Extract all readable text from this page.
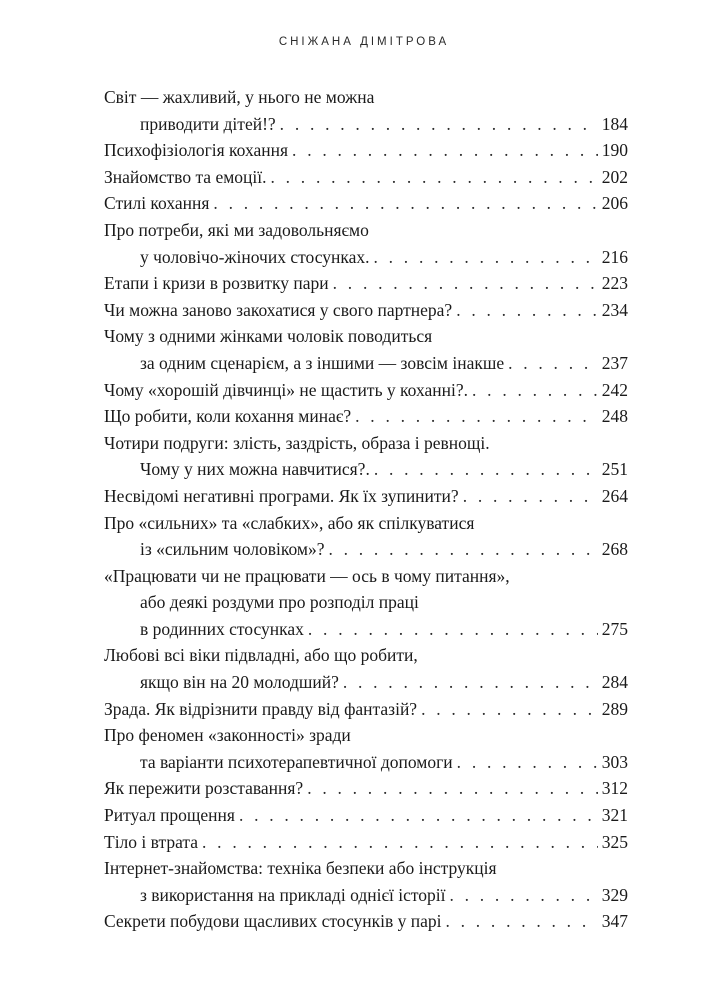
СНІЖАНА ДІМІТРОВА
Світ — жахливий, у нього не можна
приводити дітей!? . . .	184
Психофізіологія кохання . . .	190
Знайомство та емоції. . . .	202
Стилі кохання . . .	206
Про потреби, які ми задовольняємо
у чоловічо-жіночих стосунках. . . .	216
Етапи і кризи в розвитку пари . . .	223
Чи можна заново закохатися у свого партнера? . . .	234
Чому з одними жінками чоловік поводиться
за одним сценарієм, а з іншими — зовсім інакше . . .	237
Чому «хорошій дівчинці» не щастить у коханні?. . . .	242
Що робити, коли кохання минає? . . .	248
Чотири подруги: злість, заздрість, образа і ревнощі.
Чому у них можна навчитися?. . . .	251
Несвідомі негативні програми. Як їх зупинити? . . .	264
Про «сильних» та «слабких», або як спілкуватися
із «сильним чоловіком»? . . .	268
«Працювати чи не працювати — ось в чому питання»,
або деякі роздуми про розподіл праці
в родинних стосунках . . .	275
Любові всі віки підвладні, або що робити,
якщо він на 20 молодший? . . .	284
Зрада. Як відрізнити правду від фантазій? . . .	289
Про феномен «законності» зради
та варіанти психотерапевтичної допомоги . . .	303
Як пережити розставання? . . .	312
Ритуал прощення . . .	321
Тіло і втрата . . .	325
Інтернет-знайомства: техніка безпеки або інструкція
з використання на прикладі однієї історії . . .	329
Секрети побудови щасливих стосунків у парі . . .	347
